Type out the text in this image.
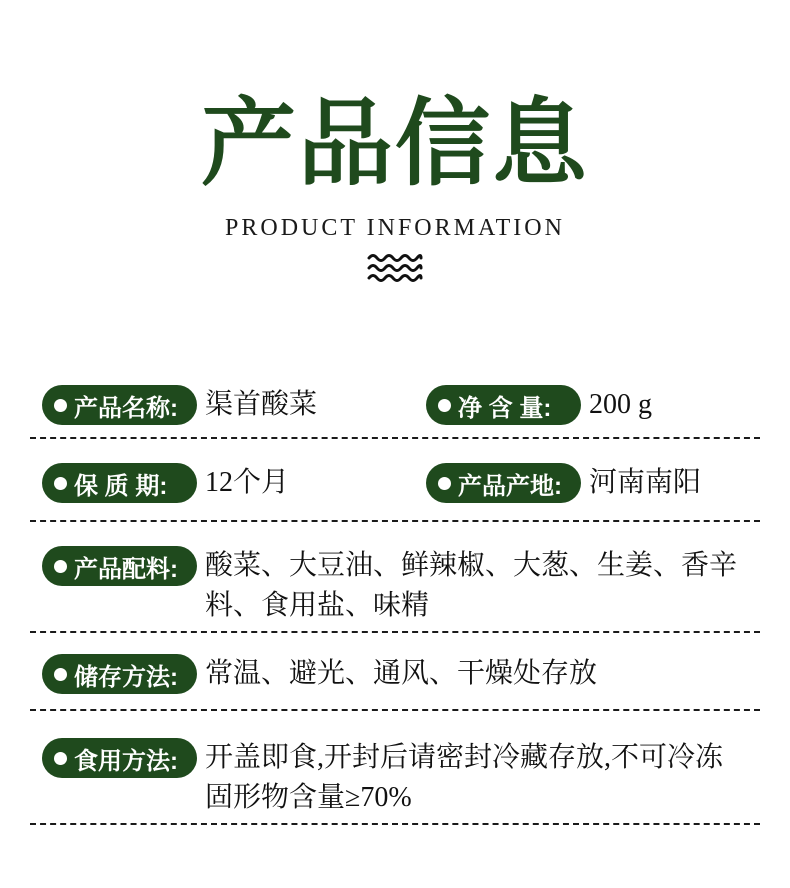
产品信息
PRODUCT INFORMATION
产品名称: 渠首酸菜	净 含 量: 200 g
保 质 期: 12个月	产品产地: 河南南阳
产品配料: 酸菜、大豆油、鲜辣椒、大葱、生姜、香辛料、食用盐、味精
储存方法: 常温、避光、通风、干燥处存放
食用方法: 开盖即食,开封后请密封冷藏存放,不可冷冻
固形物含量≥70%
